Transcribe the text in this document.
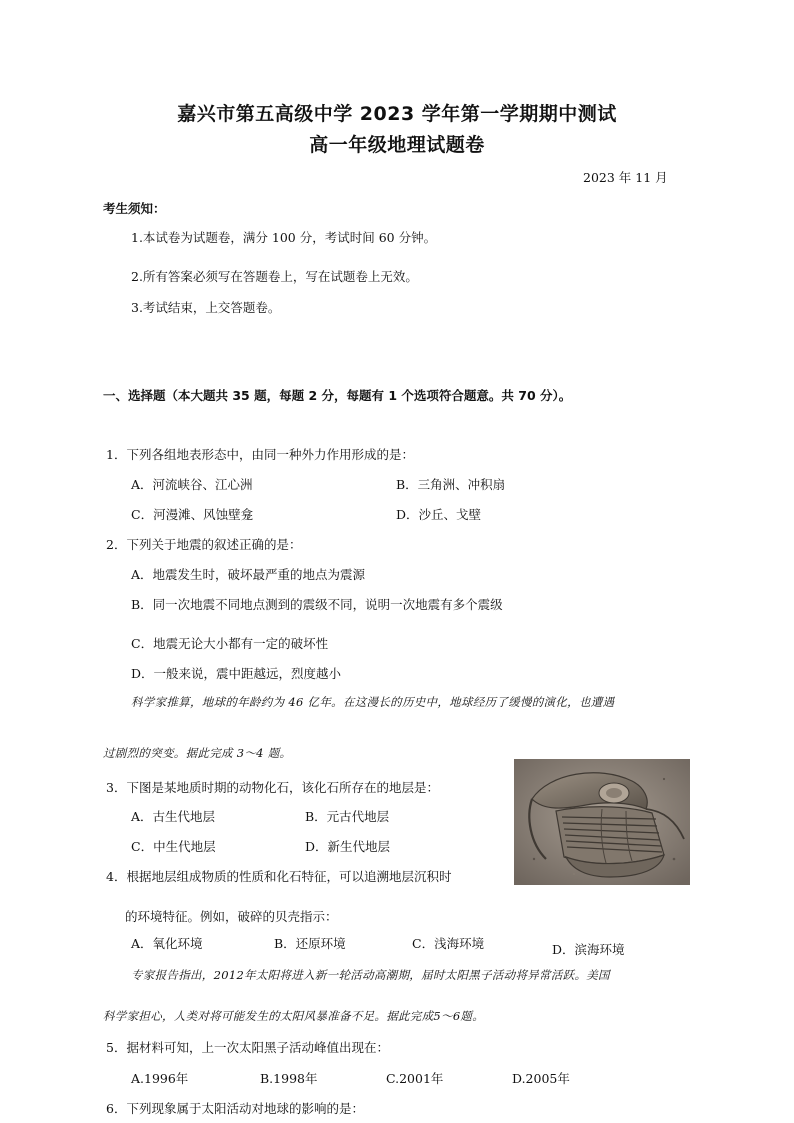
嘉兴市第五高级中学 2023 学年第一学期期中测试
高一年级地理试题卷
2023 年 11 月
考生须知：
1.本试卷为试题卷，满分 100 分，考试时间 60 分钟。
2.所有答案必须写在答题卷上，写在试题卷上无效。
3.考试结束，上交答题卷。
一、选择题（本大题共 35 题，每题 2 分，每题有 1 个选项符合题意。共 70 分）。
1．下列各组地表形态中，由同一种外力作用形成的是：
A．河流峡谷、江心洲	B．三角洲、冲积扇
C．河漫滩、风蚀壁龛	D．沙丘、戈壁
2．下列关于地震的叙述正确的是：
A．地震发生时，破坏最严重的地点为震源
B．同一次地震不同地点测到的震级不同，说明一次地震有多个震级
C．地震无论大小都有一定的破坏性
D．一般来说，震中距越远，烈度越小
科学家推算，地球的年龄约为 46 亿年。在这漫长的历史中，地球经历了缓慢的演化，也遭遇
过剧烈的突变。据此完成 3～4 题。
3．下图是某地质时期的动物化石，该化石所存在的地层是：
A．古生代地层	B．元古代地层
C．中生代地层	D．新生代地层
4．根据地层组成物质的性质和化石特征，可以追溯地层沉积时
的环境特征。例如，破碎的贝壳指示：
A．氧化环境	B．还原环境	C．浅海环境	D．滨海环境
专家报告指出，2012年太阳将进入新一轮活动高潮期，届时太阳黑子活动将异常活跃。美国
科学家担心，人类对将可能发生的太阳风暴准备不足。据此完成5～6题。
5．据材料可知，上一次太阳黑子活动峰值出现在：
A.1996年	B.1998年	C.2001年	D.2005年
6．下列现象属于太阳活动对地球的影响的是：
